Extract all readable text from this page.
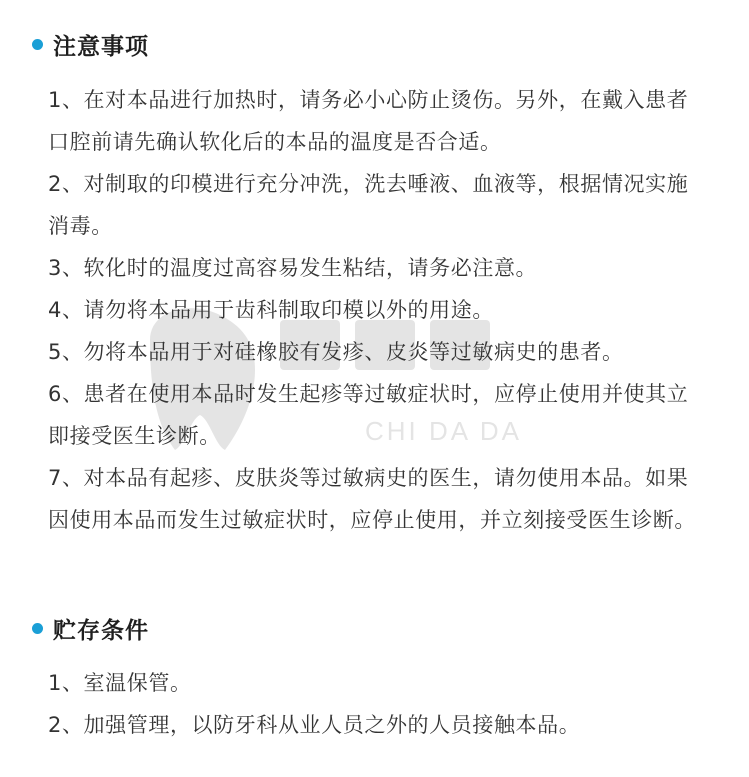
CHI DA DA
注意事项
1、在对本品进行加热时，请务必小心防止烫伤。另外，在戴入患者口腔前请先确认软化后的本品的温度是否合适。
2、对制取的印模进行充分冲洗，洗去唾液、血液等，根据情况实施消毒。
3、软化时的温度过高容易发生粘结，请务必注意。
4、请勿将本品用于齿科制取印模以外的用途。
5、勿将本品用于对硅橡胶有发疹、皮炎等过敏病史的患者。
6、患者在使用本品时发生起疹等过敏症状时，应停止使用并使其立即接受医生诊断。
7、对本品有起疹、皮肤炎等过敏病史的医生，请勿使用本品。如果因使用本品而发生过敏症状时，应停止使用，并立刻接受医生诊断。
贮存条件
1、室温保管。
2、加强管理，以防牙科从业人员之外的人员接触本品。
